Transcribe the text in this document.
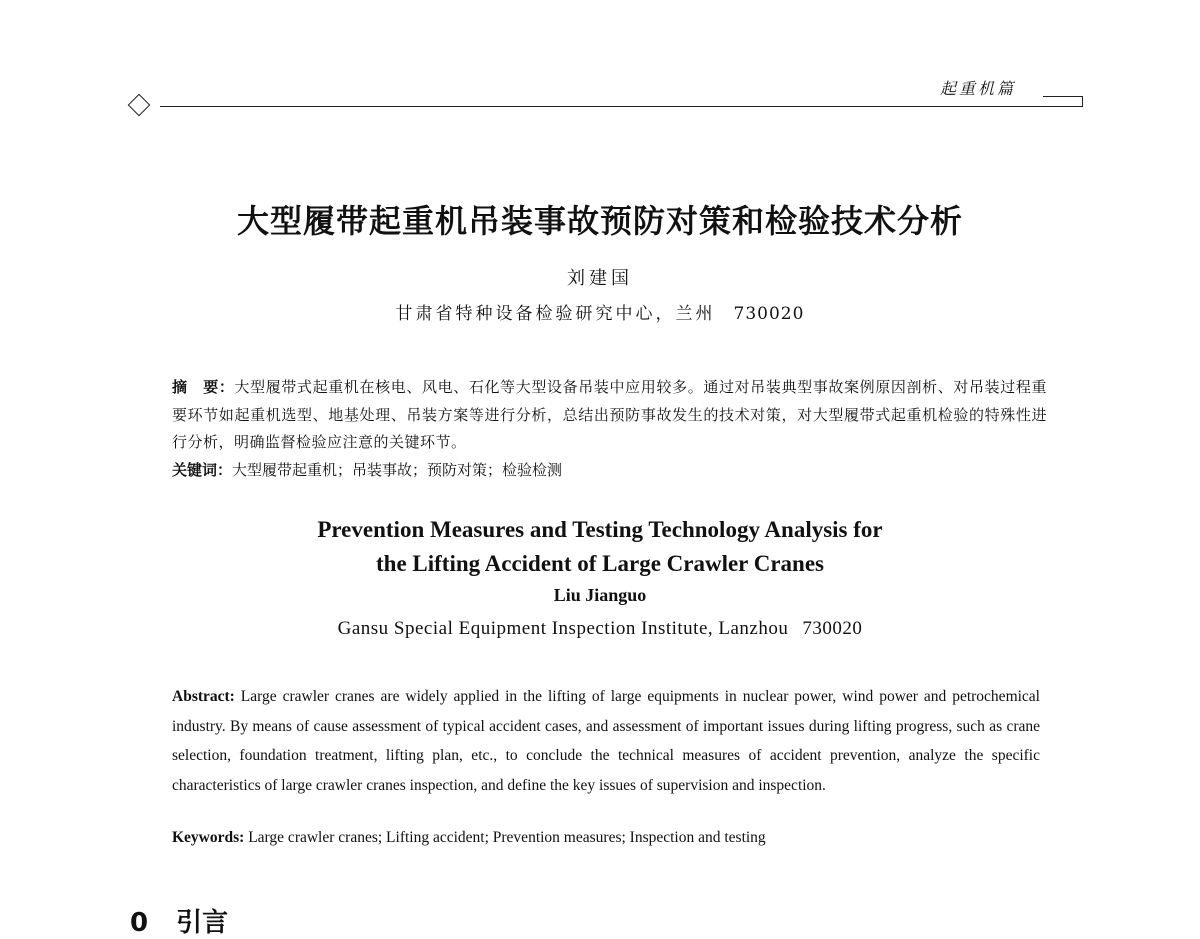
起重机篇
大型履带起重机吊装事故预防对策和检验技术分析
刘建国
甘肃省特种设备检验研究中心，兰州 730020
摘　要：大型履带式起重机在核电、风电、石化等大型设备吊装中应用较多。通过对吊装典型事故案例原因剖析、对吊装过程重要环节如起重机选型、地基处理、吊装方案等进行分析，总结出预防事故发生的技术对策，对大型履带式起重机检验的特殊性进行分析，明确监督检验应注意的关键环节。
关键词：大型履带起重机；吊装事故；预防对策；检验检测
Prevention Measures and Testing Technology Analysis for
the Lifting Accident of Large Crawler Cranes
Liu Jianguo
Gansu Special Equipment Inspection Institute, Lanzhou 730020
Abstract: Large crawler cranes are widely applied in the lifting of large equipments in nuclear power, wind power and petrochemical industry. By means of cause assessment of typical accident cases, and assessment of important issues during lifting progress, such as crane selection, foundation treatment, lifting plan, etc., to conclude the technical measures of accident prevention, analyze the specific characteristics of large crawler cranes inspection, and define the key issues of supervision and inspection.
Keywords: Large crawler cranes; Lifting accident; Prevention measures; Inspection and testing
0 引言
